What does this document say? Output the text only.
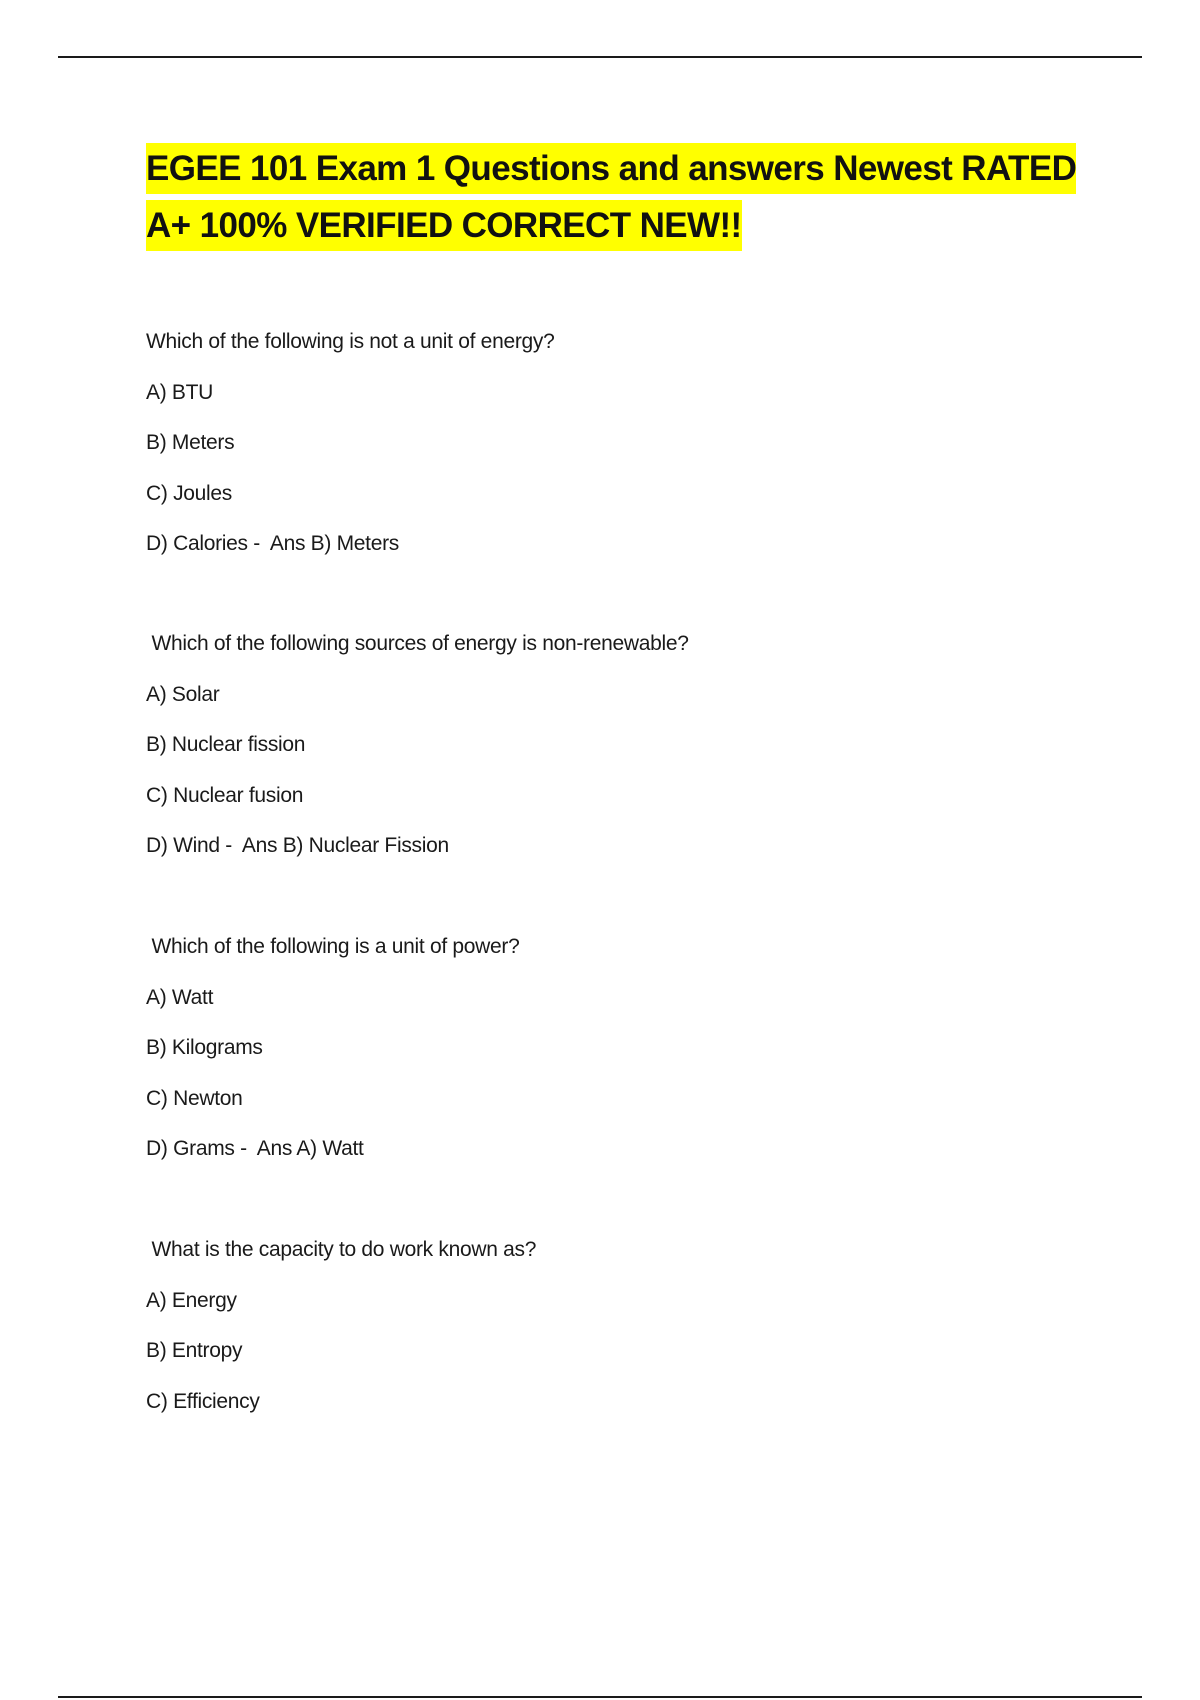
EGEE 101 Exam 1 Questions and answers Newest RATED
A+ 100% VERIFIED CORRECT NEW!!
Which of the following is not a unit of energy?
A) BTU
B) Meters
C) Joules
D) Calories -  Ans B) Meters
Which of the following sources of energy is non-renewable?
A) Solar
B) Nuclear fission
C) Nuclear fusion
D) Wind -  Ans B) Nuclear Fission
Which of the following is a unit of power?
A) Watt
B) Kilograms
C) Newton
D) Grams -  Ans A) Watt
What is the capacity to do work known as?
A) Energy
B) Entropy
C) Efficiency
